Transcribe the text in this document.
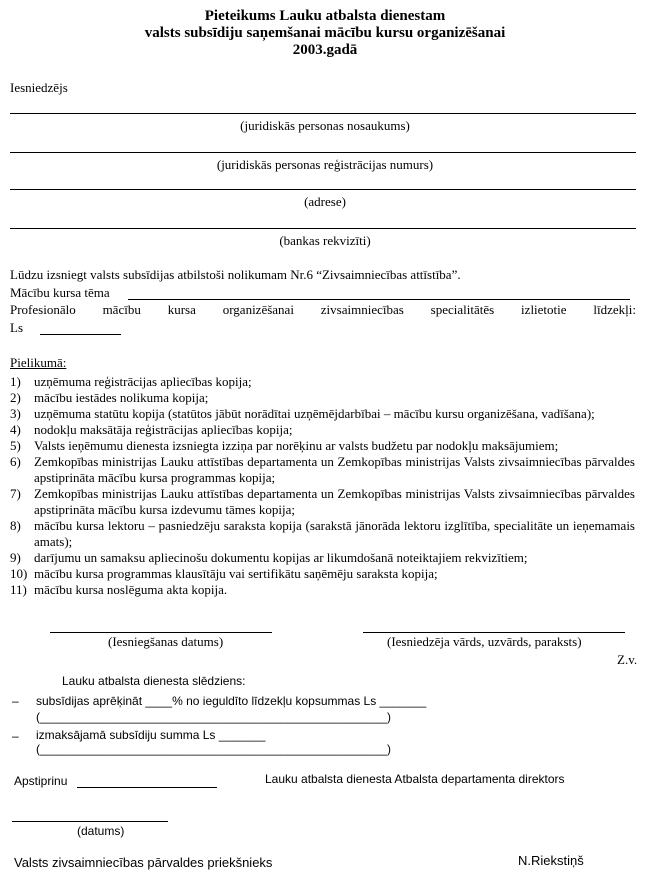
Pieteikums Lauku atbalsta dienestam
valsts subsīdiju saņemšanai mācību kursu organizēšanai
2003.gadā
Iesniedzējs
(juridiskās personas nosaukums)
(juridiskās personas reģistrācijas numurs)
(adrese)
(bankas rekvizīti)
Lūdzu izsniegt valsts subsīdijas atbilstoši nolikumam Nr.6 “Zivsaimniecības attīstība”.
Mācību kursa tēma
Profesionālo mācību kursa organizēšanai zivsaimniecības specialitātēs izlietotie līdzekļi:
Ls
Pielikumā:
1) uzņēmuma reģistrācijas apliecības kopija;
2) mācību iestādes nolikuma kopija;
3) uzņēmuma statūtu kopija (statūtos jābūt norādītai uzņēmējdarbībai – mācību kursu organizēšana, vadīšana);
4) nodokļu maksātāja reģistrācijas apliecības kopija;
5) Valsts ieņēmumu dienesta izsniegta izziņa par norēķinu ar valsts budžetu par nodokļu maksājumiem;
6) Zemkopības ministrijas Lauku attīstības departamenta un Zemkopības ministrijas Valsts zivsaimniecības pārvaldes apstiprināta mācību kursa programmas kopija;
7) Zemkopības ministrijas Lauku attīstības departamenta un Zemkopības ministrijas Valsts zivsaimniecības pārvaldes apstiprināta mācību kursa izdevumu tāmes kopija;
8) mācību kursa lektoru – pasniedzēju saraksta kopija (sarakstā jānorāda lektoru izglītība, specialitāte un ieņemamais amats);
9) darījumu un samaksu apliecinošu dokumentu kopijas ar likumdošanā noteiktajiem rekvizītiem;
10) mācību kursa programmas klausītāju vai sertifikātu saņēmēju saraksta kopija;
11) mācību kursa noslēguma akta kopija.
(Iesniegšanas datums)	(Iesniedzēja vārds, uzvārds, paraksts)
Z.v.
Lauku atbalsta dienesta slēdziens:
– subsīdijas aprēķināt ____% no ieguldīto līdzekļu kopsummas Ls _______
(____________________________________________________)
– izmaksājamā subsīdiju summa Ls _______
(____________________________________________________)
Apstiprinu	Lauku atbalsta dienesta Atbalsta departamenta direktors
(datums)
Valsts zivsaimniecības pārvaldes priekšnieks	N.Riekstiņš
